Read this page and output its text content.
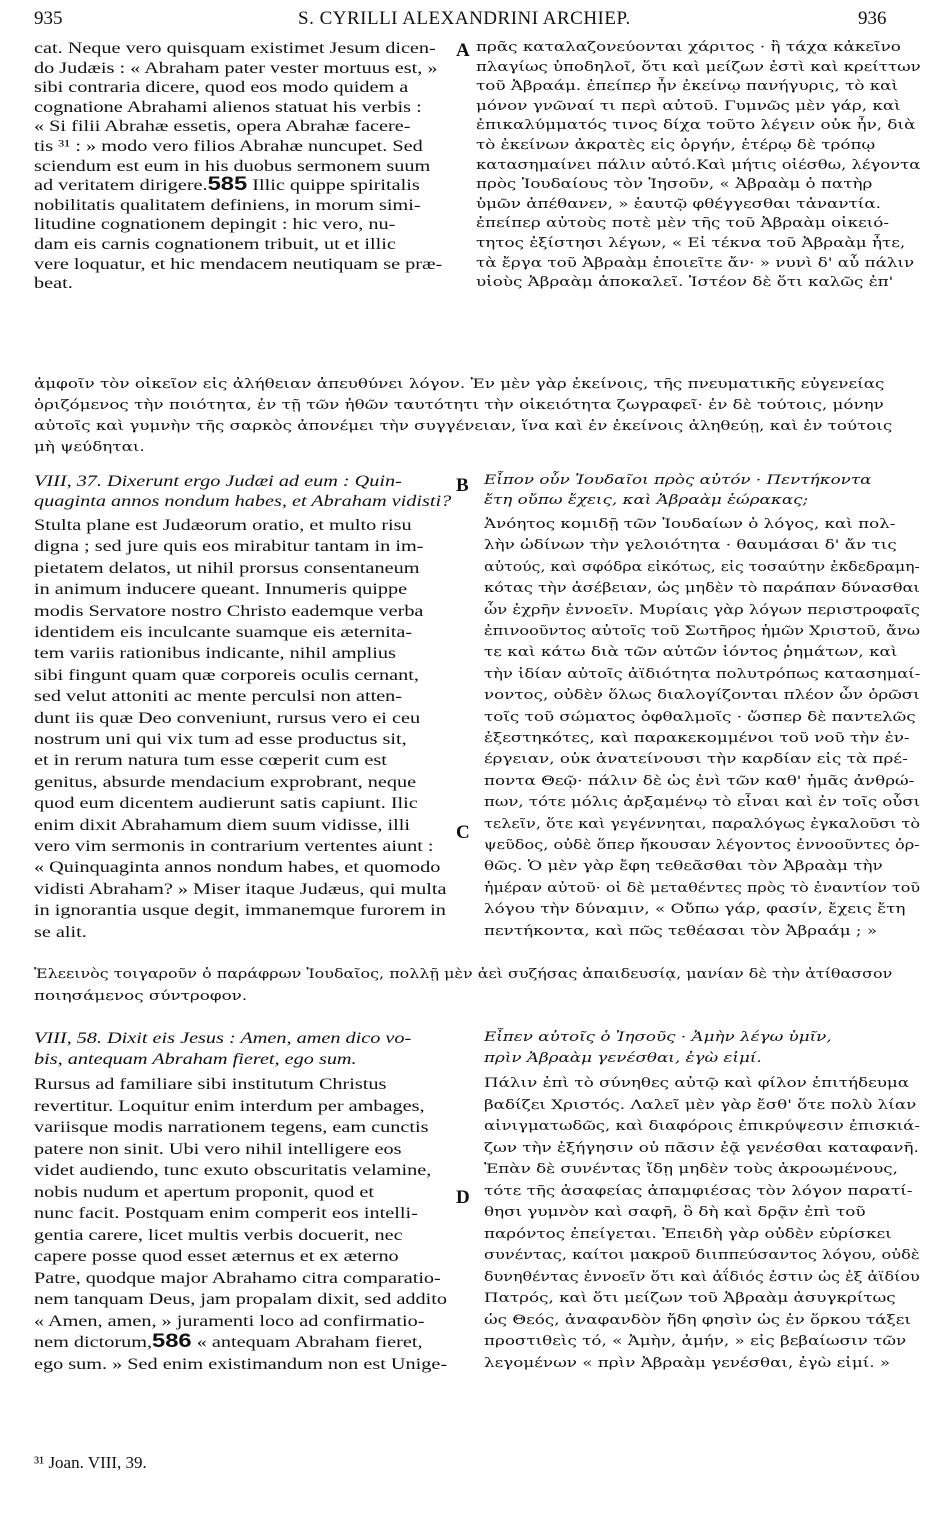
935	S. CYRILLI ALEXANDRINI ARCHIEP.	936
cat. Neque vero quisquam existimet Jesum dicen-
do Judæis : « Abraham pater vester mortuus est, »
sibi contraria dicere, quod eos modo quidem a
cognatione Abrahami alienos statuat his verbis :
« Si filii Abrahæ essetis, opera Abrahæ facere-
tis ³¹ : » modo vero filios Abrahæ nuncupet. Sed
sciendum est eum in his duobus sermonem suum
ad veritatem dirigere.585 Illic quippe spiritalis
nobilitatis qualitatem definiens, in morum simi-
litudine cognationem depingit : hic vero, nu-
dam eis carnis cognationem tribuit, ut et illic
vere loquatur, et hic mendacem neutiquam se præ-
beat.
VIII, 37. Dixerunt ergo Judæi ad eum : Quin-
quaginta annos nondum habes, et Abraham vidisti?
Stulta plane est Judæorum oratio, et multo risu
digna ; sed jure quis eos mirabitur tantam in im-
pietatem delatos, ut nihil prorsus consentaneum
in animum inducere queant. Innumeris quippe
modis Servatore nostro Christo eademque verba
identidem eis inculcante suamque eis æternita-
tem variis rationibus indicante, nihil amplius
sibi fingunt quam quæ corporeis oculis cernant,
sed velut attoniti ac mente perculsi non atten-
dunt iis quæ Deo conveniunt, rursus vero ei ceu
nostrum uni qui vix tum ad esse productus sit,
et in rerum natura tum esse cœperit cum est
genitus, absurde mendacium exprobrant, neque
quod eum dicentem audierunt satis capiunt. Ilic
enim dixit Abrahamum diem suum vidisse, illi
vero vim sermonis in contrarium vertentes aiunt :
« Quinquaginta annos nondum habes, et quomodo
vidisti Abraham? » Miser itaque Judæus, qui multa
in ignorantia usque degit, immanemque furorem in
se alit.
VIII, 58. Dixit eis Jesus : Amen, amen dico vo-
bis, antequam Abraham fieret, ego sum.
Rursus ad familiare sibi institutum Christus
revertitur. Loquitur enim interdum per ambages,
variisque modis narrationem tegens, eam cunctis
patere non sinit. Ubi vero nihil intelligere eos
videt audiendo, tunc exuto obscuritatis velamine,
nobis nudum et apertum proponit, quod et
nunc facit. Postquam enim comperit eos intelli-
gentia carere, licet multis verbis docuerit, nec
capere posse quod esset æternus et ex æterno
Patre, quodque major Abrahamo citra comparatio-
nem tanquam Deus, jam propalam dixit, sed addito
« Amen, amen, » juramenti loco ad confirmatio-
nem dictorum,586 « antequam Abraham fieret,
ego sum. » Sed enim existimandum non est Unige-
πρᾶς καταλαζονεύονται χάριτος · ἢ τάχα κἀκεῖνο
πλαγίως ὑποδηλοῖ, ὅτι καὶ μείζων ἐστὶ καὶ κρείττων
τοῦ Ἀβραάμ. ἐπείπερ ἦν ἐκείνῳ πανήγυρις, τὸ καὶ
μόνον γνῶναί τι περὶ αὐτοῦ. Γυμνῶς μὲν γάρ, καὶ
ἐπικαλύμματός τινος δίχα τοῦτο λέγειν οὐκ ἦν, διὰ
τὸ ἐκείνων ἀκρατὲς εἰς ὀργήν, ἑτέρῳ δὲ τρόπῳ
κατασημαίνει πάλιν αὐτό.Καὶ μήτις οἰέσθω, λέγοντα
πρὸς Ἰουδαίους τὸν Ἰησοῦν, « Ἀβραὰμ ὁ πατὴρ
ὑμῶν ἀπέθανεν, » ἑαυτῷ φθέγγεσθαι τἀναντία.
ἐπείπερ αὐτοὺς ποτὲ μὲν τῆς τοῦ Ἀβραὰμ οἰκειό-
τητος ἐξίστησι λέγων, « Εἰ τέκνα τοῦ Ἀβραὰμ ἦτε,
τὰ ἔργα τοῦ Ἀβραὰμ ἐποιεῖτε ἄν· » νυνὶ δ' αὖ πάλιν
υἱοὺς Ἀβραὰμ ἀποκαλεῖ. Ἰστέον δὲ ὅτι καλῶς ἐπ'
ἀμφοῖν τὸν οἰκεῖον εἰς ἀλήθειαν ἀπευθύνει λόγον. Ἐν μὲν γὰρ ἐκείνοις, τῆς πνευματικῆς εὐγενείας
ὁριζόμενος τὴν ποιότητα, ἐν τῇ τῶν ἠθῶν ταυτότητι τὴν οἰκειότητα ζωγραφεῖ· ἐν δὲ τούτοις, μόνην
αὐτοῖς καὶ γυμνὴν τῆς σαρκὸς ἀπονέμει τὴν συγγένειαν, ἵνα καὶ ἐν ἐκείνοις ἀληθεύῃ, καὶ ἐν τούτοις
μὴ ψεύδηται.
Εἶπον οὖν Ἰουδαῖοι πρὸς αὐτόν · Πεντήκοντα
ἔτη οὔπω ἔχεις, καὶ Ἀβραὰμ ἑώρακας;
Ἀνόητος κομιδῇ τῶν Ἰουδαίων ὁ λόγος, καὶ πολ-
λὴν ὠδίνων τὴν γελοιότητα · θαυμάσαι δ' ἄν τις
αὐτούς, καὶ σφόδρα εἰκότως, εἰς τοσαύτην ἐκδεδραμη-
κότας τὴν ἀσέβειαν, ὡς μηδὲν τὸ παράπαν δύνασθαι
ὧν ἐχρῆν ἐννοεῖν. Μυρίαις γὰρ λόγων περιστροφαῖς
ἐπινοοῦντος αὐτοῖς τοῦ Σωτῆρος ἡμῶν Χριστοῦ, ἄνω
τε καὶ κάτω διὰ τῶν αὐτῶν ἰόντος ῥημάτων, καὶ
τὴν ἰδίαν αὐτοῖς ἀϊδιότητα πολυτρόπως κατασημαί-
νοντος, οὐδὲν ὅλως διαλογίζονται πλέον ὧν ὁρῶσι
τοῖς τοῦ σώματος ὀφθαλμοῖς · ὥσπερ δὲ παντελῶς
ἐξεστηκότες, καὶ παρακεκομμένοι τοῦ νοῦ τὴν ἐν-
έργειαν, οὐκ ἀνατείνουσι τὴν καρδίαν εἰς τὰ πρέ-
ποντα Θεῷ· πάλιν δὲ ὡς ἑνὶ τῶν καθ' ἡμᾶς ἀνθρώ-
πων, τότε μόλις ἀρξαμένῳ τὸ εἶναι καὶ ἐν τοῖς οὖσι
τελεῖν, ὅτε καὶ γεγέννηται, παραλόγως ἐγκαλοῦσι τὸ
ψεῦδος, οὐδὲ ὅπερ ἤκουσαν λέγοντος ἐννοοῦντες ὀρ-
θῶς. Ὁ μὲν γὰρ ἔφη τεθεᾶσθαι τὸν Ἀβραὰμ τὴν
ἡμέραν αὐτοῦ· οἱ δὲ μεταθέντες πρὸς τὸ ἐναντίον τοῦ
λόγου τὴν δύναμιν, « Οὔπω γάρ, φασίν, ἔχεις ἔτη
πεντήκοντα, καὶ πῶς τεθέασαι τὸν Ἀβραάμ ; »
Ἐλεεινὸς τοιγαροῦν ὁ παράφρων Ἰουδαῖος, πολλῇ μὲν ἀεὶ συζήσας ἀπαιδευσίᾳ, μανίαν δὲ τὴν ἀτίθασσον
ποιησάμενος σύντροφον.
Εἶπεν αὐτοῖς ὁ Ἰησοῦς · Ἀμὴν λέγω ὑμῖν,
πρὶν Ἀβραὰμ γενέσθαι, ἐγὼ εἰμί.
Πάλιν ἐπὶ τὸ σύνηθες αὐτῷ καὶ φίλον ἐπιτήδευμα
βαδίζει Χριστός. Λαλεῖ μὲν γὰρ ἔσθ' ὅτε πολὺ λίαν
αἰνιγματωδῶς, καὶ διαφόροις ἐπικρύψεσιν ἐπισκιά-
ζων τὴν ἐξήγησιν οὐ πᾶσιν ἐᾷ γενέσθαι καταφανῆ.
Ἐπὰν δὲ συνέντας ἴδῃ μηδὲν τοὺς ἀκροωμένους,
τότε τῆς ἀσαφείας ἀπαμφιέσας τὸν λόγον παρατί-
θησι γυμνὸν καὶ σαφῆ, ὃ δὴ καὶ δρᾷν ἐπὶ τοῦ
παρόντος ἐπείγεται. Ἐπειδὴ γὰρ οὐδὲν εὑρίσκει
συνέντας, καίτοι μακροῦ διιππεύσαντος λόγου, οὐδὲ
δυνηθέντας ἐννοεῖν ὅτι καὶ ἀΐδιός ἐστιν ὡς ἐξ ἀϊδίου
Πατρός, καὶ ὅτι μείζων τοῦ Ἀβραὰμ ἀσυγκρίτως
ὡς Θεός, ἀναφανδὸν ἤδη φησὶν ὡς ἐν ὅρκου τάξει
προστιθεὶς τό, « Ἀμὴν, ἀμήν, » εἰς βεβαίωσιν τῶν
λεγομένων « πρὶν Ἀβραὰμ γενέσθαι, ἐγὼ εἰμί. »
A
B
C
D
³¹ Joan. VIII, 39.
